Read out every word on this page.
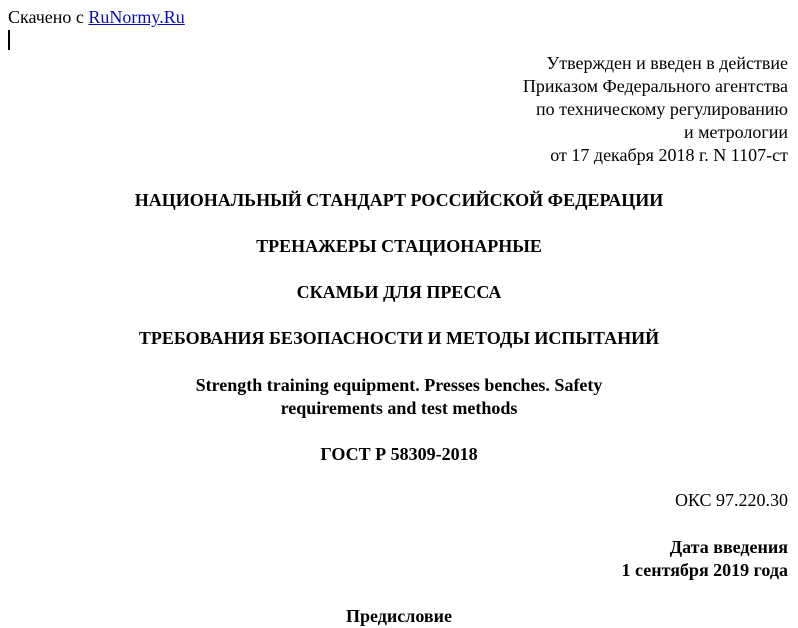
Скачено с RuNormy.Ru
Утвержден и введен в действие
Приказом Федерального агентства
по техническому регулированию
и метрологии
от 17 декабря 2018 г. N 1107-ст
НАЦИОНАЛЬНЫЙ СТАНДАРТ РОССИЙСКОЙ ФЕДЕРАЦИИ
ТРЕНАЖЕРЫ СТАЦИОНАРНЫЕ
СКАМЬИ ДЛЯ ПРЕССА
ТРЕБОВАНИЯ БЕЗОПАСНОСТИ И МЕТОДЫ ИСПЫТАНИЙ
Strength training equipment. Presses benches. Safety
requirements and test methods
ГОСТ Р 58309-2018
ОКС 97.220.30
Дата введения
1 сентября 2019 года
Предисловие
